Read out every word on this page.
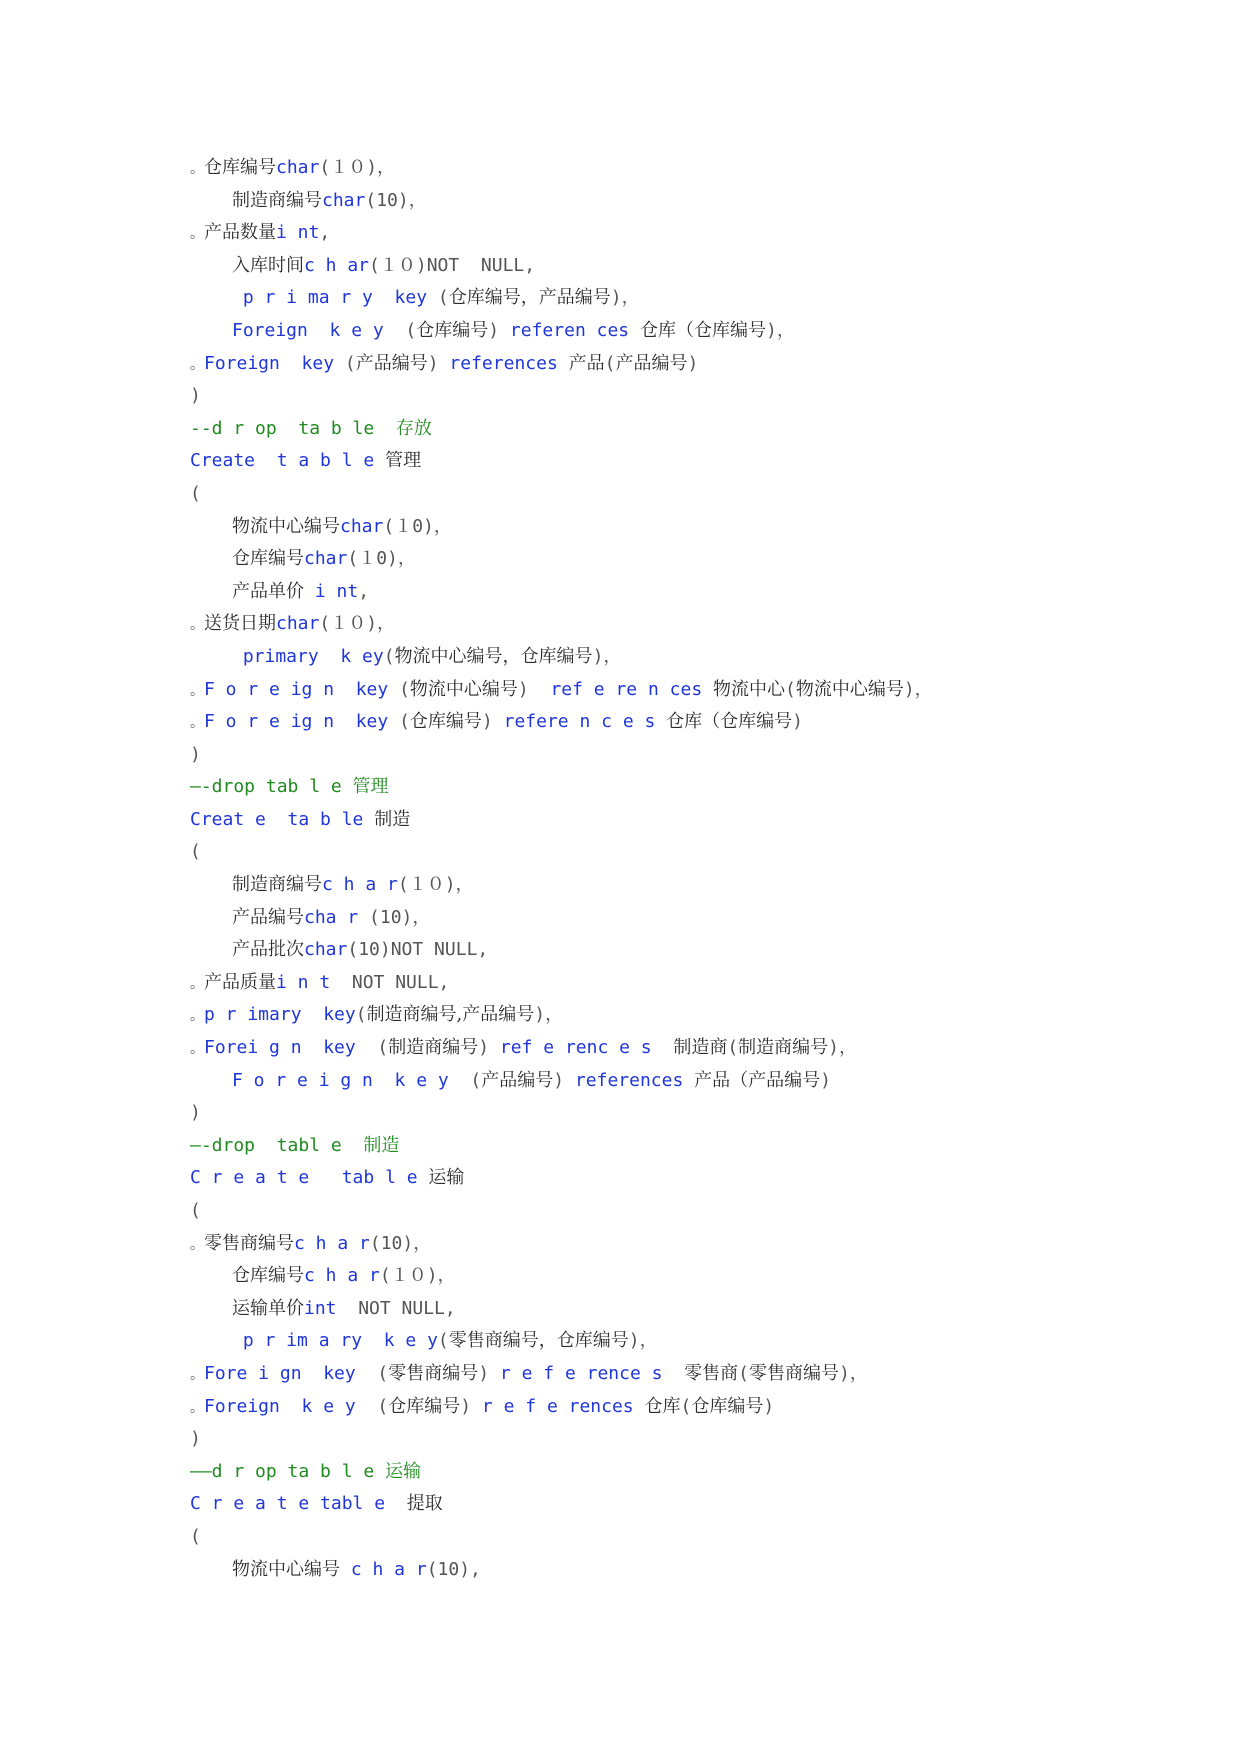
。仓库编号char(１０)，
制造商编号char(10)，
。产品数量i nt,
入库时间c h ar(１０)NOT  NULL,
p r i ma r y  key (仓库编号，产品编号)，
Foreign  k e y  (仓库编号) referen ces 仓库（仓库编号)，
。Foreign  key (产品编号) references 产品(产品编号)
)
--d r op  ta b le  存放
Create  t a b l e 管理
(
物流中心编号char(１0)，
仓库编号char(１0)，
产品单价 i nt,
。送货日期char(１０)，
primary  k ey(物流中心编号，仓库编号)，
。F o r e ig n  key (物流中心编号)  ref e re n ces 物流中心(物流中心编号)，
。F o r e ig n  key (仓库编号) refere n c e s 仓库（仓库编号)
)
—-drop tab l e 管理
Creat e  ta b le 制造
(
制造商编号c h a r(１０)，
产品编号cha r (10)，
产品批次char(10)NOT NULL,
。产品质量i n t  NOT NULL,
。p r imary  key(制造商编号,产品编号)，
。Forei g n  key  (制造商编号) ref e renc e s 制造商(制造商编号)，
F o r e i g n  k e y  (产品编号) references 产品（产品编号)
)
—-drop  tabl e  制造
C r e a t e   tab l e 运输
(
。零售商编号c h a r(10)，
仓库编号c h a r(１０)，
运输单价int  NOT NULL,
p r im a ry  k e y(零售商编号，仓库编号)，
。Fore i gn  key  (零售商编号) r e f e rence s 零售商(零售商编号)，
。Foreign  k e y  (仓库编号) r e f e rences 仓库(仓库编号)
)
——d r op ta b l e 运输
C r e a t e tabl e 提取
(
物流中心编号 c h a r(10),
